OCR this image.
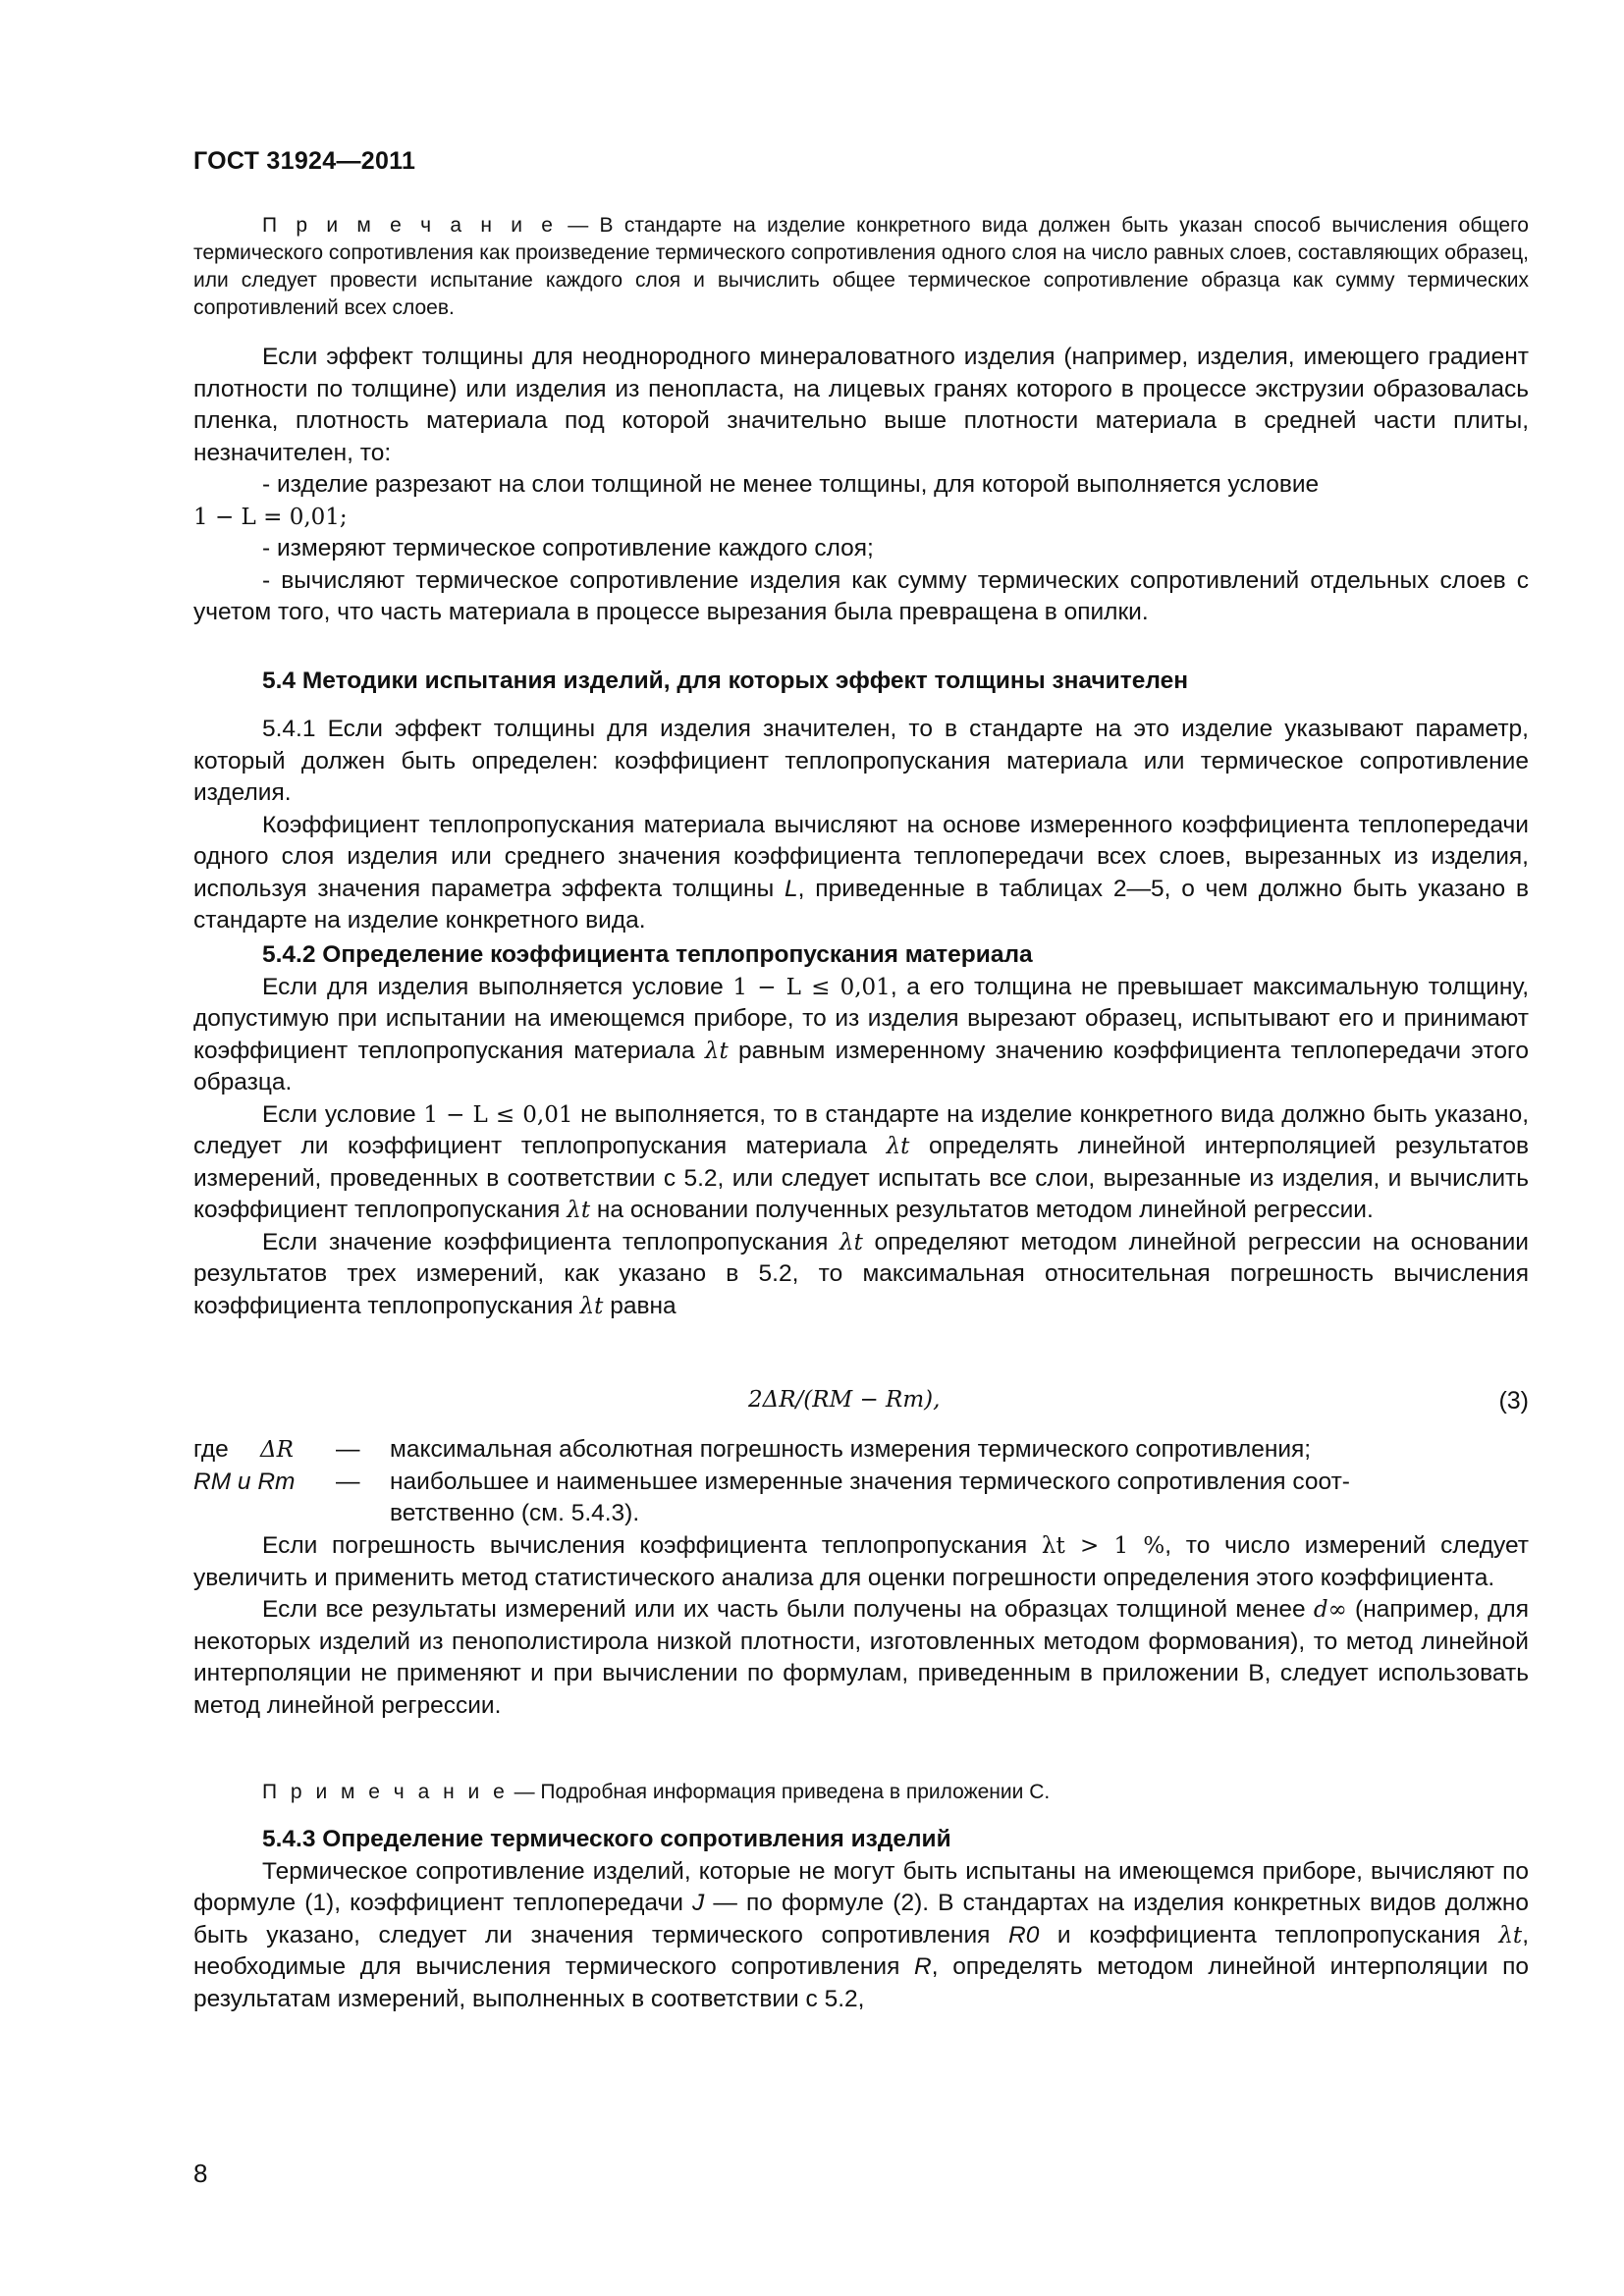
ГОСТ 31924—2011

П р и м е ч а н и е — В стандарте на изделие конкретного вида должен быть указан способ вычисления общего термического сопротивления как произведение термического сопротивления одного слоя на число равных слоев, составляющих образец, или следует провести испытание каждого слоя и вычислить общее термическое сопротивление образца как сумму термических сопротивлений всех слоев.

Если эффект толщины для неоднородного минераловатного изделия (например, изделия, имеющего градиент плотности по толщине) или изделия из пенопласта, на лицевых гранях которого в процессе экструзии образовалась пленка, плотность материала под которой значительно выше плотности материала в средней части плиты, незначителен, то:

- изделие разрезают на слои толщиной не менее толщины, для которой выполняется условие

1 − L = 0,01;

- измеряют термическое сопротивление каждого слоя;

- вычисляют термическое сопротивление изделия как сумму термических сопротивлений отдельных слоев с учетом того, что часть материала в процессе вырезания была превращена в опилки.

5.4 Методики испытания изделий, для которых эффект толщины значителен

5.4.1 Если эффект толщины для изделия значителен, то в стандарте на это изделие указывают параметр, который должен быть определен: коэффициент теплопропускания материала или термическое сопротивление изделия.

Коэффициент теплопропускания материала вычисляют на основе измеренного коэффициента теплопередачи одного слоя изделия или среднего значения коэффициента теплопередачи всех слоев, вырезанных из изделия, используя значения параметра эффекта толщины L, приведенные в таблицах 2—5, о чем должно быть указано в стандарте на изделие конкретного вида.

5.4.2 Определение коэффициента теплопропускания материала

Если для изделия выполняется условие 1 − L ≤ 0,01, а его толщина не превышает максимальную толщину, допустимую при испытании на имеющемся приборе, то из изделия вырезают образец, испытывают его и принимают коэффициент теплопропускания материала λt равным измеренному значению коэффициента теплопередачи этого образца.

Если условие 1 − L ≤ 0,01 не выполняется, то в стандарте на изделие конкретного вида должно быть указано, следует ли коэффициент теплопропускания материала λt определять линейной интерполяцией результатов измерений, проведенных в соответствии с 5.2, или следует испытать все слои, вырезанные из изделия, и вычислить коэффициент теплопропускания λt на основании полученных результатов методом линейной регрессии.

Если значение коэффициента теплопропускания λt определяют методом линейной регрессии на основании результатов трех измерений, как указано в 5.2, то максимальная относительная погрешность вычисления коэффициента теплопропускания λt равна

2ΔR/(RM − Rm),	(3)
где ΔR — максимальная абсолютная погрешность измерения термического сопротивления;
RM и Rm — наибольшее и наименьшее измеренные значения термического сопротивления соот-
ветственно (см. 5.4.3).

Если погрешность вычисления коэффициента теплопропускания λt > 1 %, то число измерений следует увеличить и применить метод статистического анализа для оценки погрешности определения этого коэффициента.

Если все результаты измерений или их часть были получены на образцах толщиной менее d∞ (например, для некоторых изделий из пенополистирола низкой плотности, изготовленных методом формования), то метод линейной интерполяции не применяют и при вычислении по формулам, приведенным в приложении В, следует использовать метод линейной регрессии.

П р и м е ч а н и е — Подробная информация приведена в приложении С.

5.4.3 Определение термического сопротивления изделий

Термическое сопротивление изделий, которые не могут быть испытаны на имеющемся приборе, вычисляют по формуле (1), коэффициент теплопередачи J — по формуле (2). В стандартах на изделия конкретных видов должно быть указано, следует ли значения термического сопротивления R0 и коэффициента теплопропускания λt, необходимые для вычисления термического сопротивления R, определять методом линейной интерполяции по результатам измерений, выполненных в соответствии с 5.2,

8
